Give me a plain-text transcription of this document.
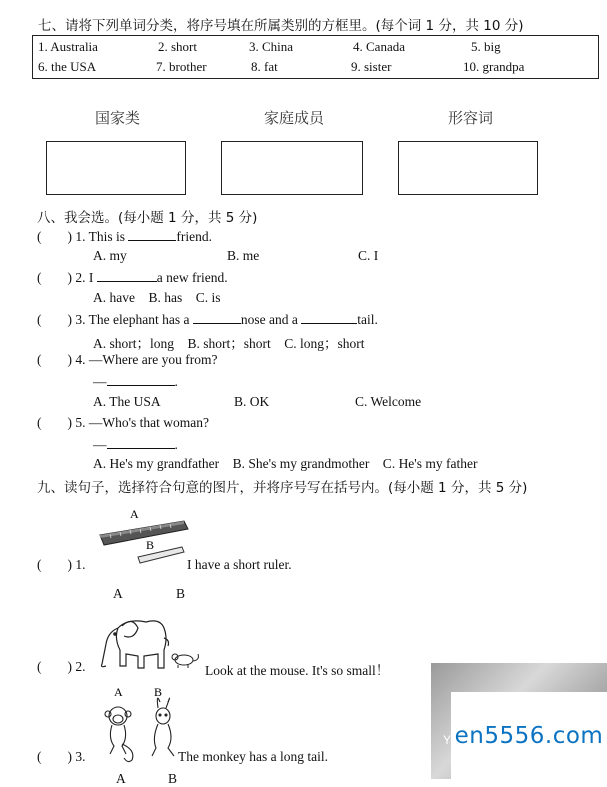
七、请将下列单词分类，将序号填在所属类别的方框里。(每个词 1 分，共 10 分)
1. Australia	2. short	3. China	4. Canada	5. big
6. the USA	7. brother	8. fat	9. sister	10. grandpa
国家类	家庭成员	形容词
八、我会选。(每小题 1 分，共 5 分)
( ) 1. This is	friend.
A. my	B. me	C. I
( ) 2. I	a new friend.
A. have    B. has    C. is
( ) 3. The elephant has a	nose and a	tail.
A. short；long    B. short；short    C. long；short
( ) 4. —Where are you from?
—	.
A. The USA	B. OK	C. Welcome
( ) 5. —Who's that woman?
—	.
A. He's my grandfather    B. She's my grandmother    C. He's my father
九、读句子，选择符合句意的图片，并将序号写在括号内。(每小题 1 分，共 5 分)
A
B
( ) 1.	I have a short ruler.
A	B
( ) 2.	Look at the mouse. It's so small！
A	B
( ) 3.	The monkey has a long tail.
A	B
Y en5556.com
